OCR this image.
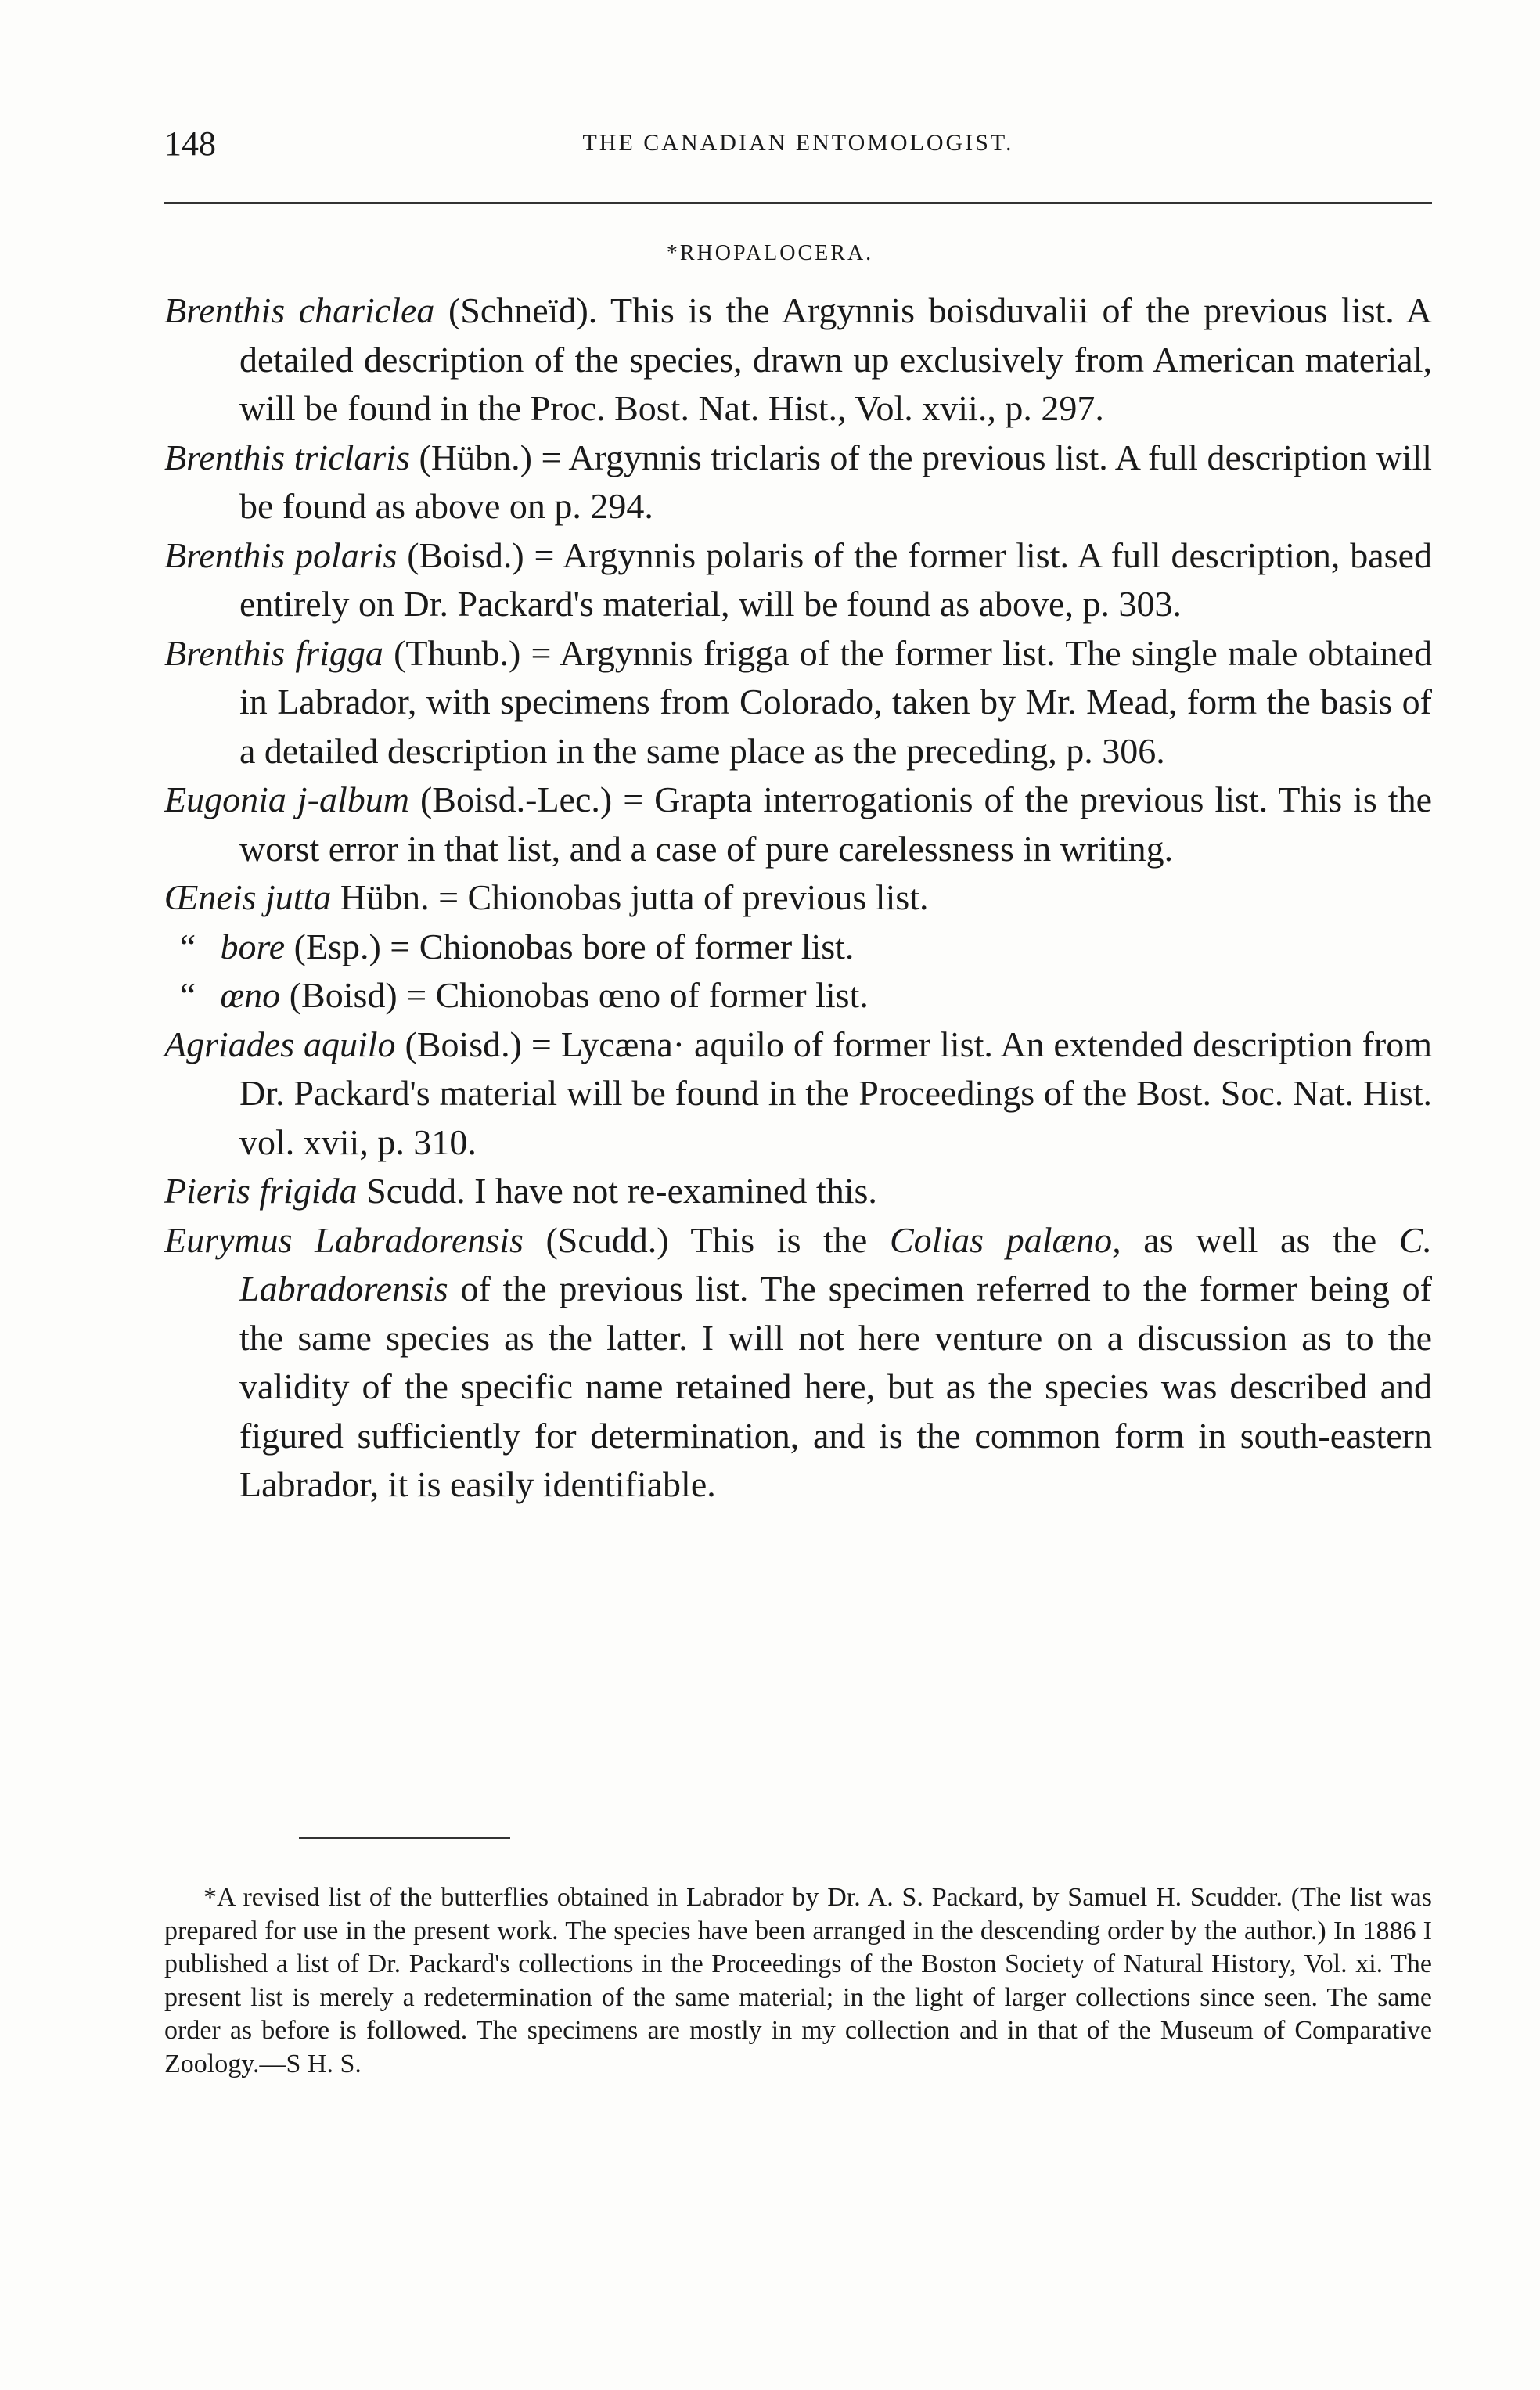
148	THE CANADIAN ENTOMOLOGIST.
*RHOPALOCERA.

Brenthis chariclea (Schneïd). This is the Argynnis boisduvalii of the previous list. A detailed description of the species, drawn up exclusively from American material, will be found in the Proc. Bost. Nat. Hist., Vol. xvii., p. 297.

Brenthis triclaris (Hübn.) = Argynnis triclaris of the previous list. A full description will be found as above on p. 294.

Brenthis polaris (Boisd.) = Argynnis polaris of the former list. A full description, based entirely on Dr. Packard's material, will be found as above, p. 303.

Brenthis frigga (Thunb.) = Argynnis frigga of the former list. The single male obtained in Labrador, with specimens from Colorado, taken by Mr. Mead, form the basis of a detailed description in the same place as the preceding, p. 306.

Eugonia j-album (Boisd.-Lec.) = Grapta interrogationis of the previous list. This is the worst error in that list, and a case of pure carelessness in writing.

Œneis jutta Hübn. = Chionobas jutta of previous list.

“ bore (Esp.) = Chionobas bore of former list.

“ œno (Boisd) = Chionobas œno of former list.

Agriades aquilo (Boisd.) = Lycæna· aquilo of former list. An extended description from Dr. Packard's material will be found in the Proceedings of the Bost. Soc. Nat. Hist. vol. xvii, p. 310.

Pieris frigida Scudd. I have not re-examined this.

Eurymus Labradorensis (Scudd.) This is the Colias palæno, as well as the C. Labradorensis of the previous list. The specimen referred to the former being of the same species as the latter. I will not here venture on a discussion as to the validity of the specific name retained here, but as the species was described and figured sufficiently for determination, and is the common form in south-eastern Labrador, it is easily identifiable.

*A revised list of the butterflies obtained in Labrador by Dr. A. S. Packard, by Samuel H. Scudder. (The list was prepared for use in the present work. The species have been arranged in the descending order by the author.) In 1886 I published a list of Dr. Packard's collections in the Proceedings of the Boston Society of Natural History, Vol. xi. The present list is merely a redetermination of the same material; in the light of larger collections since seen. The same order as before is followed. The specimens are mostly in my collection and in that of the Museum of Comparative Zoology.—S H. S.
